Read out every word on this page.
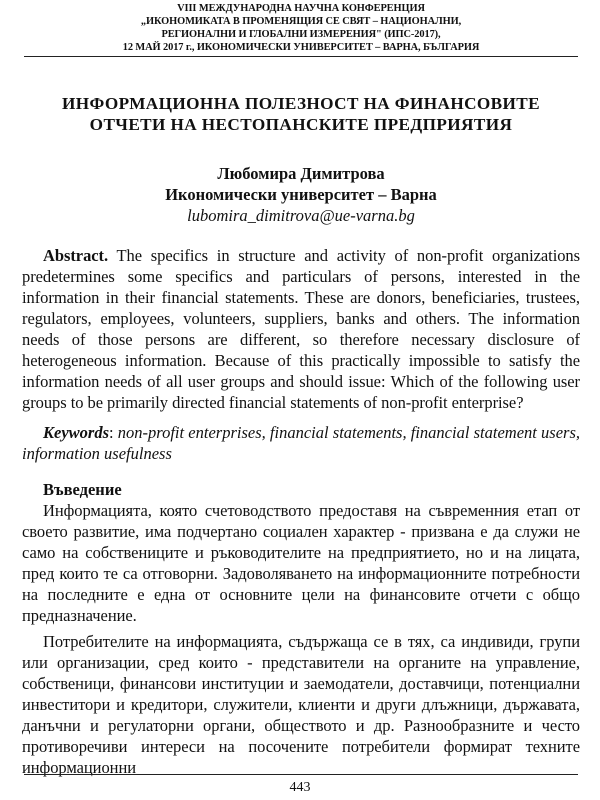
VIII МЕЖДУНАРОДНА НАУЧНА КОНФЕРЕНЦИЯ
„ИКОНОМИКАТА В ПРОМЕНЯЩИЯ СЕ СВЯТ – НАЦИОНАЛНИ,
РЕГИОНАЛНИ И ГЛОБАЛНИ ИЗМЕРЕНИЯ" (ИПС-2017),
12 МАЙ 2017 г., ИКОНОМИЧЕСКИ УНИВЕРСИТЕТ – ВАРНА, БЪЛГАРИЯ
ИНФОРМАЦИОННА ПОЛЕЗНОСТ НА ФИНАНСОВИТЕ
ОТЧЕТИ НА НЕСТОПАНСКИТЕ ПРЕДПРИЯТИЯ
Любомира Димитрова
Икономически университет – Варна
lubomira_dimitrova@ue-varna.bg
Abstract. The specifics in structure and activity of non-profit organizations predetermines some specifics and particulars of persons, interested in the information in their financial statements. These are donors, beneficiaries, trustees, regulators, employees, volunteers, suppliers, banks and others. The information needs of those persons are different, so therefore necessary disclosure of heterogeneous information. Because of this practically impossible to satisfy the information needs of all user groups and should issue: Which of the following user groups to be primarily directed financial statements of non-profit enterprise?
Keywords: non-profit enterprises, financial statements, financial statement users, information usefulness
Въведение
Информацията, която счетоводството предоставя на съвременния етап от своето развитие, има подчертано социален характер - призвана е да служи не само на собствениците и ръководителите на предприятието, но и на лицата, пред които те са отговорни. Задоволяването на информационните потребности на последните е една от основните цели на финансовите отчети с общо предназначение.
Потребителите на информацията, съдържаща се в тях, са индивиди, групи или организации, сред които - представители на органите на управление, собственици, финансови институции и заемодатели, доставчици, потенциални инвеститори и кредитори, служители, клиенти и други длъжници, държавата, данъчни и регулаторни органи, обществото и др. Разнообразните и често противоречиви интереси на посочените потребители формират техните информационни
443
